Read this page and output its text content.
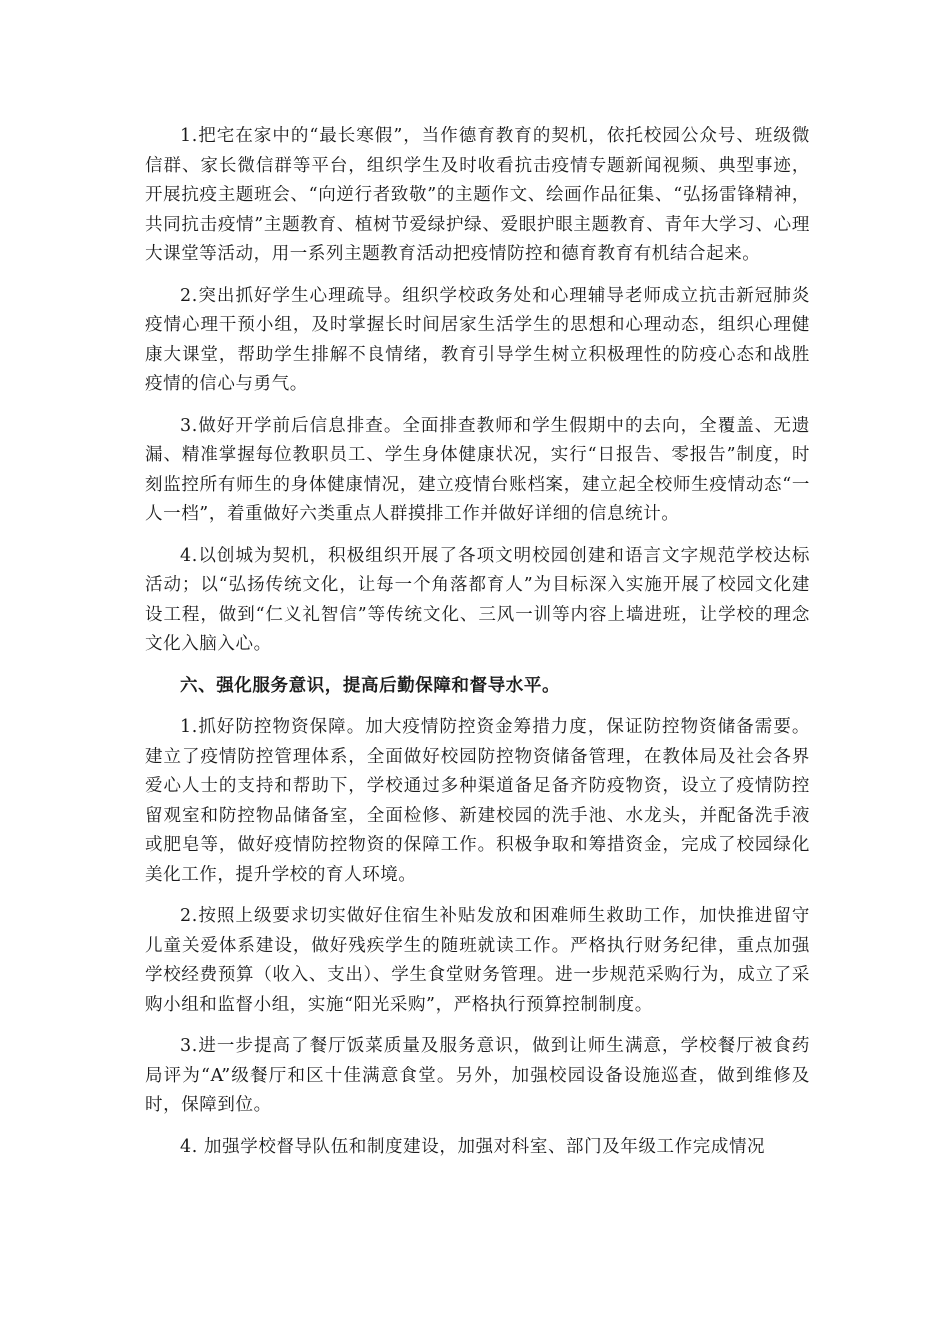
1.把宅在家中的“最长寒假”，当作德育教育的契机，依托校园公众号、班级微信群、家长微信群等平台，组织学生及时收看抗击疫情专题新闻视频、典型事迹，开展抗疫主题班会、“向逆行者致敬”的主题作文、绘画作品征集、“弘扬雷锋精神，共同抗击疫情”主题教育、植树节爱绿护绿、爱眼护眼主题教育、青年大学习、心理大课堂等活动，用一系列主题教育活动把疫情防控和德育教育有机结合起来。

2.突出抓好学生心理疏导。组织学校政务处和心理辅导老师成立抗击新冠肺炎疫情心理干预小组，及时掌握长时间居家生活学生的思想和心理动态，组织心理健康大课堂，帮助学生排解不良情绪，教育引导学生树立积极理性的防疫心态和战胜疫情的信心与勇气。

3.做好开学前后信息排查。全面排查教师和学生假期中的去向，全覆盖、无遗漏、精准掌握每位教职员工、学生身体健康状况，实行“日报告、零报告”制度，时刻监控所有师生的身体健康情况，建立疫情台账档案，建立起全校师生疫情动态“一人一档”，着重做好六类重点人群摸排工作并做好详细的信息统计。

4.以创城为契机，积极组织开展了各项文明校园创建和语言文字规范学校达标活动；以“弘扬传统文化，让每一个角落都育人”为目标深入实施开展了校园文化建设工程，做到“仁义礼智信”等传统文化、三风一训等内容上墙进班，让学校的理念文化入脑入心。

六、强化服务意识，提高后勤保障和督导水平。

1.抓好防控物资保障。加大疫情防控资金筹措力度，保证防控物资储备需要。建立了疫情防控管理体系，全面做好校园防控物资储备管理，在教体局及社会各界爱心人士的支持和帮助下，学校通过多种渠道备足备齐防疫物资，设立了疫情防控留观室和防控物品储备室，全面检修、新建校园的洗手池、水龙头，并配备洗手液或肥皂等，做好疫情防控物资的保障工作。积极争取和筹措资金，完成了校园绿化美化工作，提升学校的育人环境。

2.按照上级要求切实做好住宿生补贴发放和困难师生救助工作，加快推进留守儿童关爱体系建设，做好残疾学生的随班就读工作。严格执行财务纪律，重点加强学校经费预算（收入、支出）、学生食堂财务管理。进一步规范采购行为，成立了采购小组和监督小组，实施“阳光采购”，严格执行预算控制制度。

3.进一步提高了餐厅饭菜质量及服务意识，做到让师生满意，学校餐厅被食药局评为“A”级餐厅和区十佳满意食堂。另外，加强校园设备设施巡查，做到维修及时，保障到位。

4. 加强学校督导队伍和制度建设，加强对科室、部门及年级工作完成情况
